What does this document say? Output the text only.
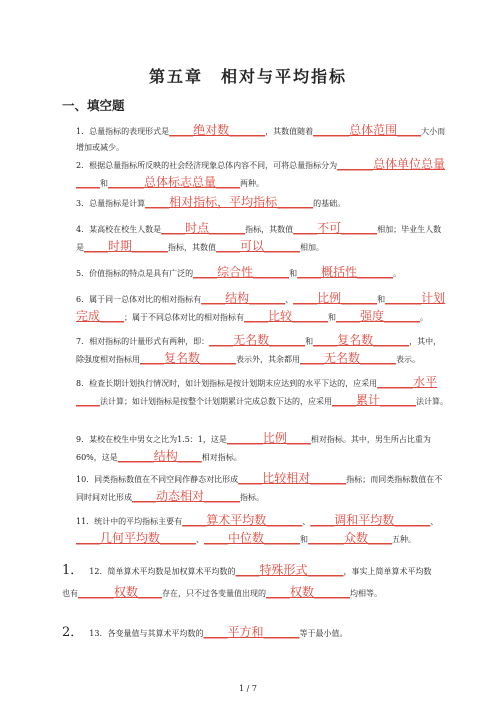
第五章　相对与平均指标
一、填空题
1．总量指标的表现形式是____绝对数______，其数值随着______总体范围____大小而增加或减少。
2．根据总量指标所反映的社会经济现象总体内容不同，可将总量指标分为______总体单位总量____和______总体标志总量____两种。
3．总量指标是计算____相对指标，平均指标______的基础。
4．某高校在校生人数是____时点______指标，其数值____不可______相加；毕业生人数是____时期______指标，其数值____可以______相加。
5．价值指标的特点是具有广泛的____综合性______和____概括性______。
6．属于同一总体对比的相对指标有____结构______、____比例______和______计划完成____；属于不同总体对比的相对指标有____比较______和____强度______。
7．相对指标的计量形式有两种，即：____无名数______和____复名数______，其中，除强度相对指标用____复名数______表示外，其余都用____无名数______表示。
8．检查长期计划执行情况时，如计划指标是按计划期末应达到的水平下达的，应采用______水平____法计算；如计划指标是按整个计划期累计完成总数下达的，应采用____累计______法计算。
9．某校在校生中男女之比为1.5：1，这是______比例____相对指标。其中，男生所占比重为60%，这是______结构____相对指标。
10．同类指标数值在不同空间作静态对比形成____比较相对______指标；而同类指标数值在不同时间对比形成____动态相对______指标。
11．统计中的平均指标主要有____算术平均数______、____调和平均数______、____几何平均数______、____中位数______和______众数____五种。
1． 12．简单算术平均数是加权算术平均数的____特殊形式______，事实上简单算术平均数也有______权数____存在，只不过各变量值出现的____权数______均相等。
2． 13．各变量值与其算术平均数的____平方和______等于最小值。
1 / 7
